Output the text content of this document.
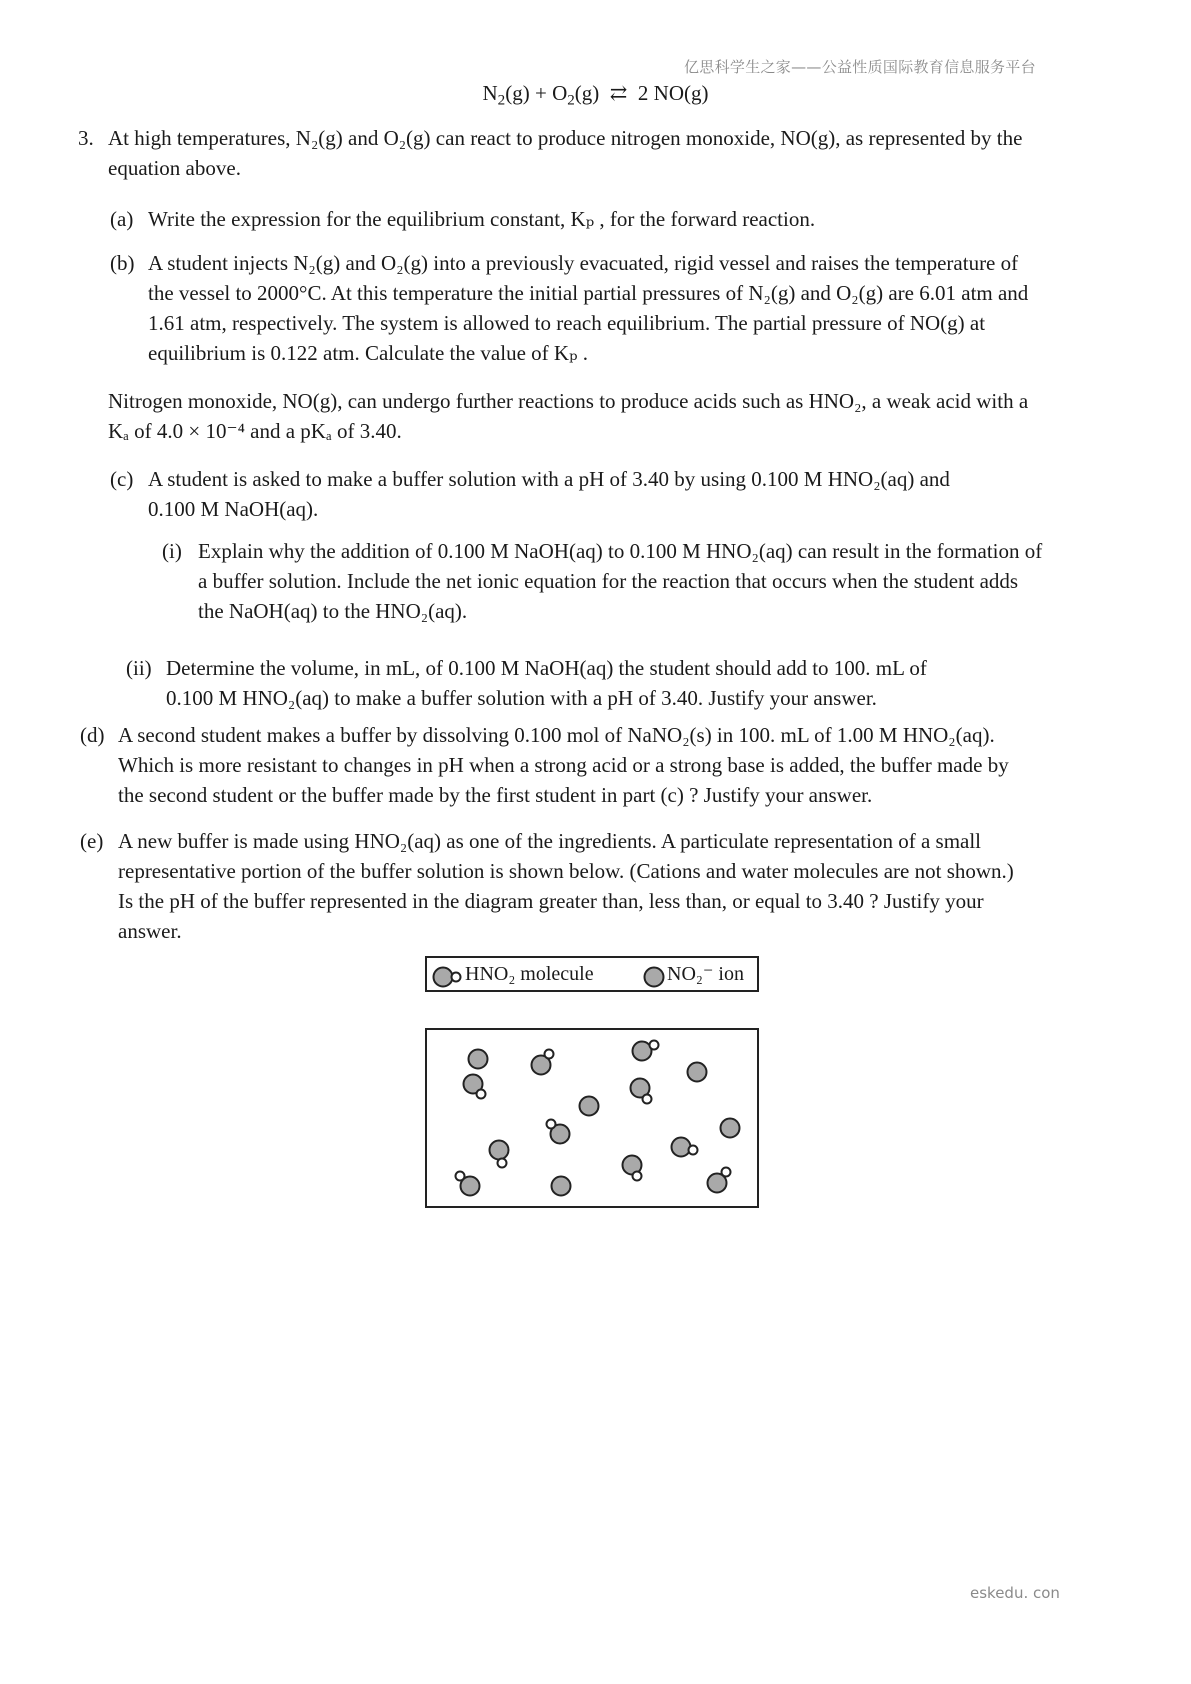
亿思科学生之家——公益性质国际教育信息服务平台
$N_2(g) + O_2(g)$ ⇄ 2 NO(g)
3. At high temperatures, N₂(g) and O₂(g) can react to produce nitrogen monoxide, NO(g), as represented by the
equation above.
(a) Write the expression for the equilibrium constant, Kₚ , for the forward reaction.
(b) A student injects N₂(g) and O₂(g) into a previously evacuated, rigid vessel and raises the temperature of
the vessel to 2000°C. At this temperature the initial partial pressures of N₂(g) and O₂(g) are 6.01 atm and
1.61 atm, respectively. The system is allowed to reach equilibrium. The partial pressure of NO(g) at
equilibrium is 0.122 atm. Calculate the value of Kₚ .
Nitrogen monoxide, NO(g), can undergo further reactions to produce acids such as HNO₂, a weak acid with a
Kₐ of 4.0 × 10⁻⁴ and a pKₐ of 3.40.
(c) A student is asked to make a buffer solution with a pH of 3.40 by using 0.100 M HNO₂(aq) and
0.100 M NaOH(aq).
(i) Explain why the addition of 0.100 M NaOH(aq) to 0.100 M HNO₂(aq) can result in the formation of
a buffer solution. Include the net ionic equation for the reaction that occurs when the student adds
the NaOH(aq) to the HNO₂(aq).
(ii) Determine the volume, in mL, of 0.100 M NaOH(aq) the student should add to 100. mL of
0.100 M HNO₂(aq) to make a buffer solution with a pH of 3.40. Justify your answer.
(d) A second student makes a buffer by dissolving 0.100 mol of NaNO₂(s) in 100. mL of 1.00 M HNO₂(aq).
Which is more resistant to changes in pH when a strong acid or a strong base is added, the buffer made by
the second student or the buffer made by the first student in part (c) ? Justify your answer.
(e) A new buffer is made using HNO₂(aq) as one of the ingredients. A particulate representation of a small
representative portion of the buffer solution is shown below. (Cations and water molecules are not shown.)
Is the pH of the buffer represented in the diagram greater than, less than, or equal to 3.40 ? Justify your
answer.
HNO₂ molecule	NO₂⁻ ion
eskedu. con
